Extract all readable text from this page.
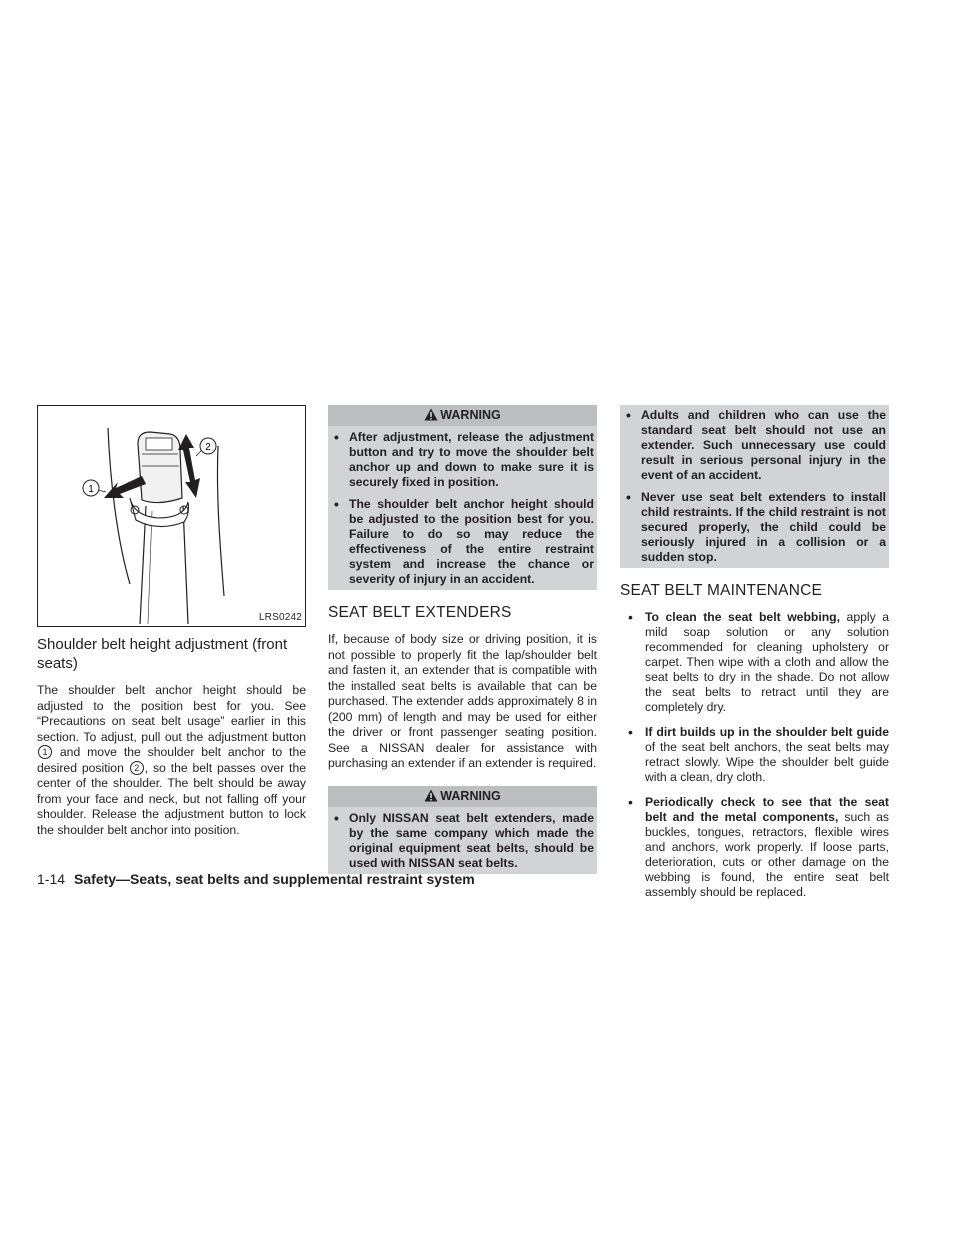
1
2
LRS0242
Shoulder belt height adjustment (front seats)

The shoulder belt anchor height should be adjusted to the position best for you. See “Precautions on seat belt usage” earlier in this section. To adjust, pull out the adjustment button 1 and move the shoulder belt anchor to the desired position 2 , so the belt passes over the center of the shoulder. The belt should be away from your face and neck, but not falling off your shoulder. Release the adjustment button to lock the shoulder belt anchor into position.

WARNING
• After adjustment, release the adjustment button and try to move the shoulder belt anchor up and down to make sure it is securely fixed in position.
• The shoulder belt anchor height should be adjusted to the position best for you. Failure to do so may reduce the effectiveness of the entire restraint system and increase the chance or severity of injury in an accident.
SEAT BELT EXTENDERS

If, because of body size or driving position, it is not possible to properly fit the lap/shoulder belt and fasten it, an extender that is compatible with the installed seat belts is available that can be purchased. The extender adds approximately 8 in (200 mm) of length and may be used for either the driver or front passenger seating position. See a NISSAN dealer for assistance with purchasing an extender if an extender is required.

WARNING
• Only NISSAN seat belt extenders, made by the same company which made the original equipment seat belts, should be used with NISSAN seat belts.
• Adults and children who can use the standard seat belt should not use an extender. Such unnecessary use could result in serious personal injury in the event of an accident.
• Never use seat belt extenders to install child restraints. If the child restraint is not secured properly, the child could be seriously injured in a collision or a sudden stop.
SEAT BELT MAINTENANCE
• To clean the seat belt webbing, apply a mild soap solution or any solution recommended for cleaning upholstery or carpet. Then wipe with a cloth and allow the seat belts to dry in the shade. Do not allow the seat belts to retract until they are completely dry.
• If dirt builds up in the shoulder belt guide of the seat belt anchors, the seat belts may retract slowly. Wipe the shoulder belt guide with a clean, dry cloth.
• Periodically check to see that the seat belt and the metal components, such as buckles, tongues, retractors, flexible wires and anchors, work properly. If loose parts, deterioration, cuts or other damage on the webbing is found, the entire seat belt assembly should be replaced.
1-14 Safety—Seats, seat belts and supplemental restraint system
